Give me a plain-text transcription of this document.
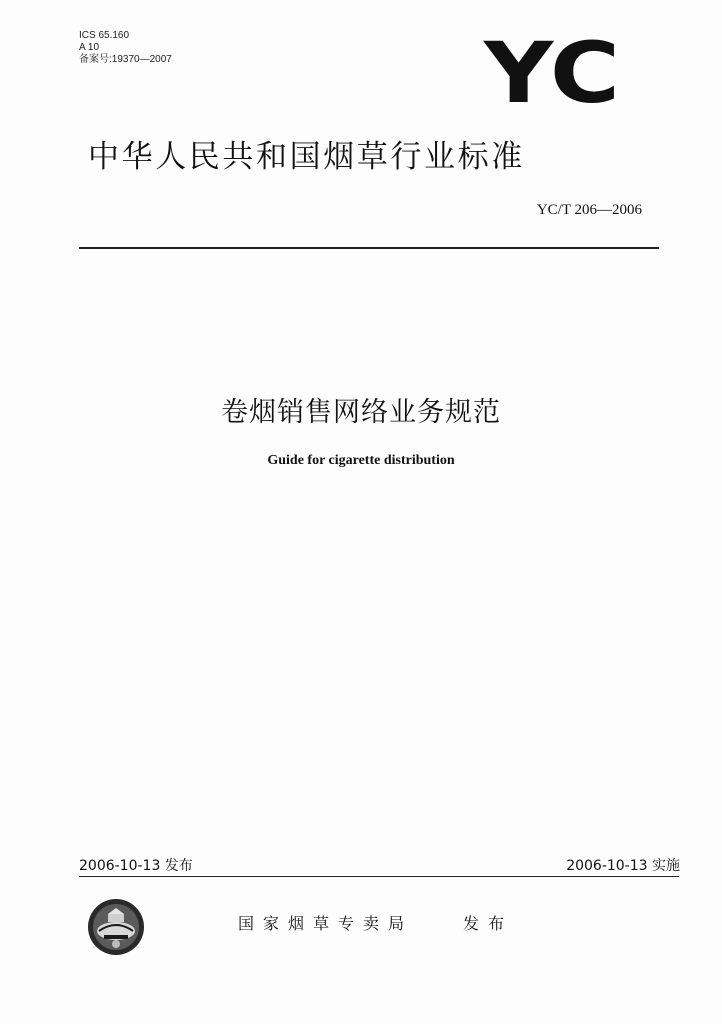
ICS 65.160
A 10
备案号:19370—2007	YC
中华人民共和国烟草行业标准
YC/T 206—2006
卷烟销售网络业务规范
Guide for cigarette distribution
2006-10-13 发布	2006-10-13 实施
国家烟草专卖局	发布
